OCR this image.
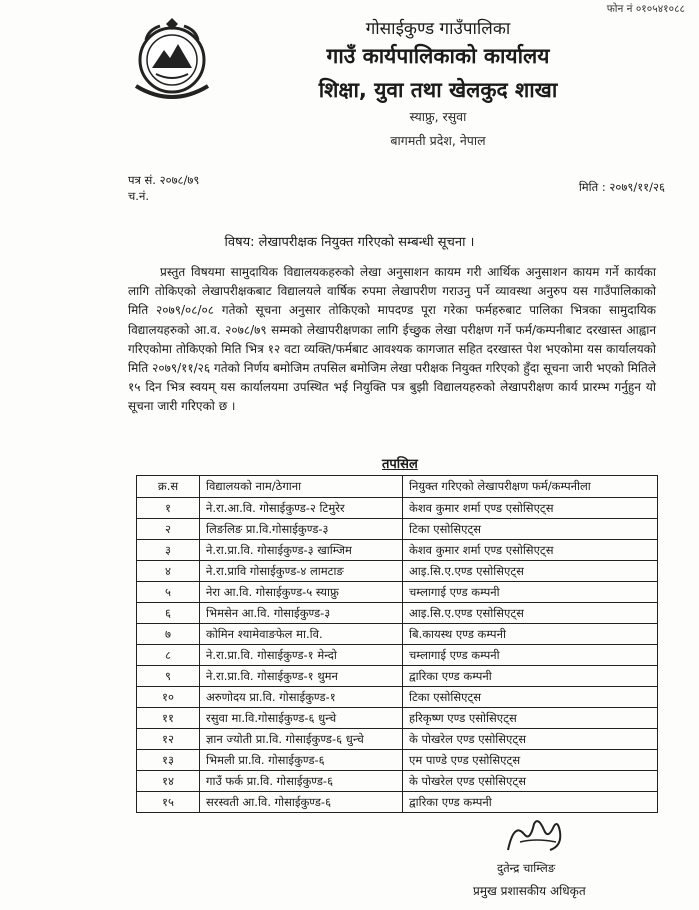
फोन नं ०१०५४१०८८
गोसाईकुण्ड गाउँपालिका
गाउँ कार्यपालिकाको कार्यालय
शिक्षा, युवा तथा खेलकुद शाखा
स्याफ्रु, रसुवा
बागमती प्रदेश, नेपाल
पत्र सं. २०७८/७९
च.नं.
मिति : २०७९/११/२६
विषय: लेखापरीक्षक नियुक्त गरिएको सम्बन्धी सूचना ।

प्रस्तुत विषयमा सामुदायिक विद्यालयकहरुको लेखा अनुसाशन कायम गरी आर्थिक अनुसाशन कायम गर्ने कार्यका लागि तोकिएको लेखापरीक्षकबाट विद्यालयले वार्षिक रुपमा लेखापरीण गराउनु पर्ने व्यावस्था अनुरुप यस गाउँपालिकाको मिति २०७९/०८/०८ गतेको सूचना अनुसार तोकिएको मापदण्ड पूरा गरेका फर्महरुबाट पालिका भित्रका सामुदायिक विद्यालयहरुको आ.व. २०७८/७९ सम्मको लेखापरीक्षणका लागि ईच्छुक लेखा परीक्षण गर्ने फर्म/कम्पनीबाट दरखास्त आह्वान गरिएकोमा तोकिएको मिति भित्र १२ वटा व्यक्ति/फर्मबाट आवश्यक कागजात सहित दरखास्त पेश भएकोमा यस कार्यालयको मिति २०७९/११/२६ गतेको निर्णय बमोजिम तपसिल बमोजिम लेखा परीक्षक नियुक्त गरिएको हुँदा सूचना जारी भएको मितिले १५ दिन भित्र स्वयम् यस कार्यालयमा उपस्थित भई नियुक्ति पत्र बुझी विद्यालयहरुको लेखापरीक्षण कार्य प्रारम्भ गर्नुहुन यो सूचना जारी गरिएको छ ।

तपसिल
क्र.स	विद्यालयको नाम/ठेगाना	नियुक्त गरिएको लेखापरीक्षण फर्म/कम्पनीला
१	ने.रा.आ.वि. गोसाईकुण्ड-२ टिमुरेर	केशव कुमार शर्मा एण्ड एसोसिएट्स
२	लिङलिङ प्रा.वि.गोसाईकुण्ड-३	टिका एसोसिएट्स
३	ने.रा.प्रा.वि. गोसाईकुण्ड-३ खाम्जिम	केशव कुमार शर्मा एण्ड एसोसिएट्स
४	ने.रा.प्रावि गोसाईकुण्ड-४ लामटाङ	आइ.सि.ए.एण्ड एसोसिएट्स
५	नेरा आ.वि. गोसाईकुण्ड-५ स्याफ्रु	चम्लागाई एण्ड कम्पनी
६	भिमसेन आ.वि. गोसाईकुण्ड-३	आइ.सि.ए.एण्ड एसोसिएट्स
७	कोमिन श्यामेवाङफेल मा.वि.	बि.कायस्थ एण्ड कम्पनी
८	ने.रा.प्रा.वि. गोसाईकुण्ड-१ मेन्दो	चम्लागाई एण्ड कम्पनी
९	ने.रा.प्रा.वि. गोसाईकुण्ड-१ थुमन	द्वारिका एण्ड कम्पनी
१०	अरुणोदय प्रा.वि. गोसाईकुण्ड-१	टिका एसोसिएट्स
११	रसुवा मा.वि.गोसाईकुण्ड-६ धुन्चे	हरिकृष्ण एण्ड एसोसिएट्स
१२	ज्ञान ज्योती प्रा.वि. गोसाईकुण्ड-६ धुन्चे	के पोखरेल एण्ड एसोसिएट्स
१३	भिमली प्रा.वि. गोसाईकुण्ड-६	एम पाण्डे एण्ड एसोसिएट्स
१४	गाउँ फर्क प्रा.वि. गोसाईकुण्ड-६	के पोखरेल एण्ड एसोसिएट्स
१५	सरस्वती आ.वि. गोसाईकुण्ड-६	द्वारिका एण्ड कम्पनी
दुतेन्द्र चाम्लिङ
प्रमुख प्रशासकीय अधिकृत
